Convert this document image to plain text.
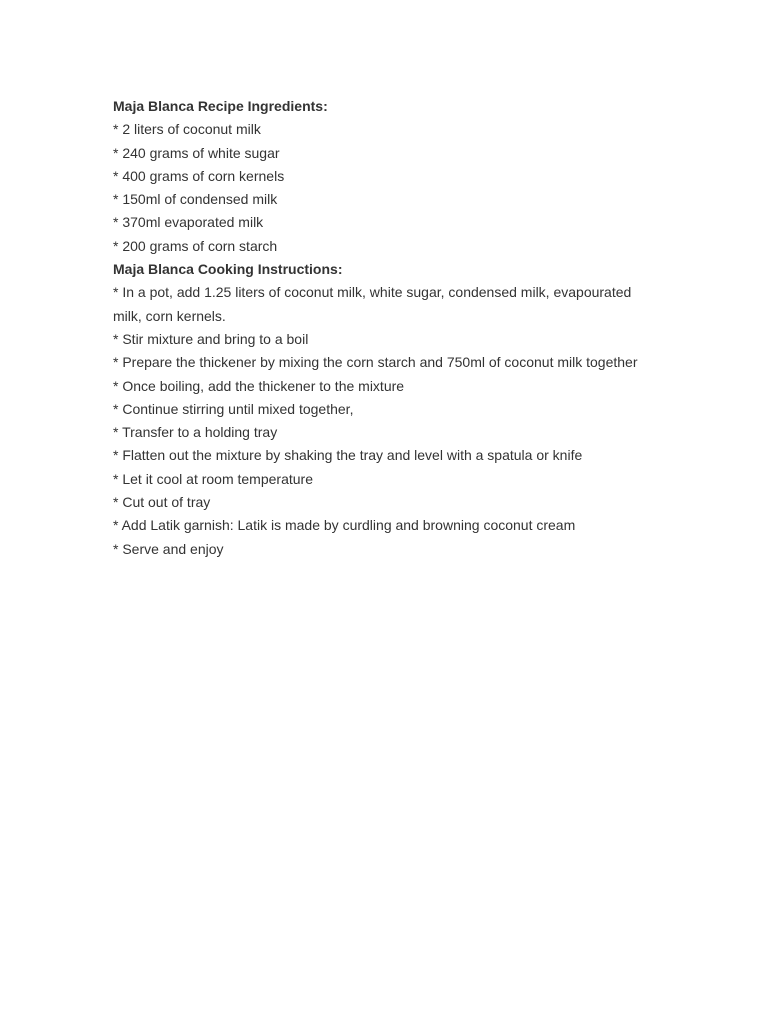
Maja Blanca Recipe Ingredients:

* 2 liters of coconut milk

* 240 grams of white sugar

* 400 grams of corn kernels

* 150ml of condensed milk

* 370ml evaporated milk

* 200 grams of corn starch

Maja Blanca Cooking Instructions:

* In a pot, add 1.25 liters of coconut milk, white sugar, condensed milk, evapourated milk, corn kernels.

* Stir mixture and bring to a boil

* Prepare the thickener by mixing the corn starch and 750ml of coconut milk together

* Once boiling, add the thickener to the mixture

* Continue stirring until mixed together,

* Transfer to a holding tray

* Flatten out the mixture by shaking the tray and level with a spatula or knife

* Let it cool at room temperature

* Cut out of tray

* Add Latik garnish: Latik is made by curdling and browning coconut cream

* Serve and enjoy
